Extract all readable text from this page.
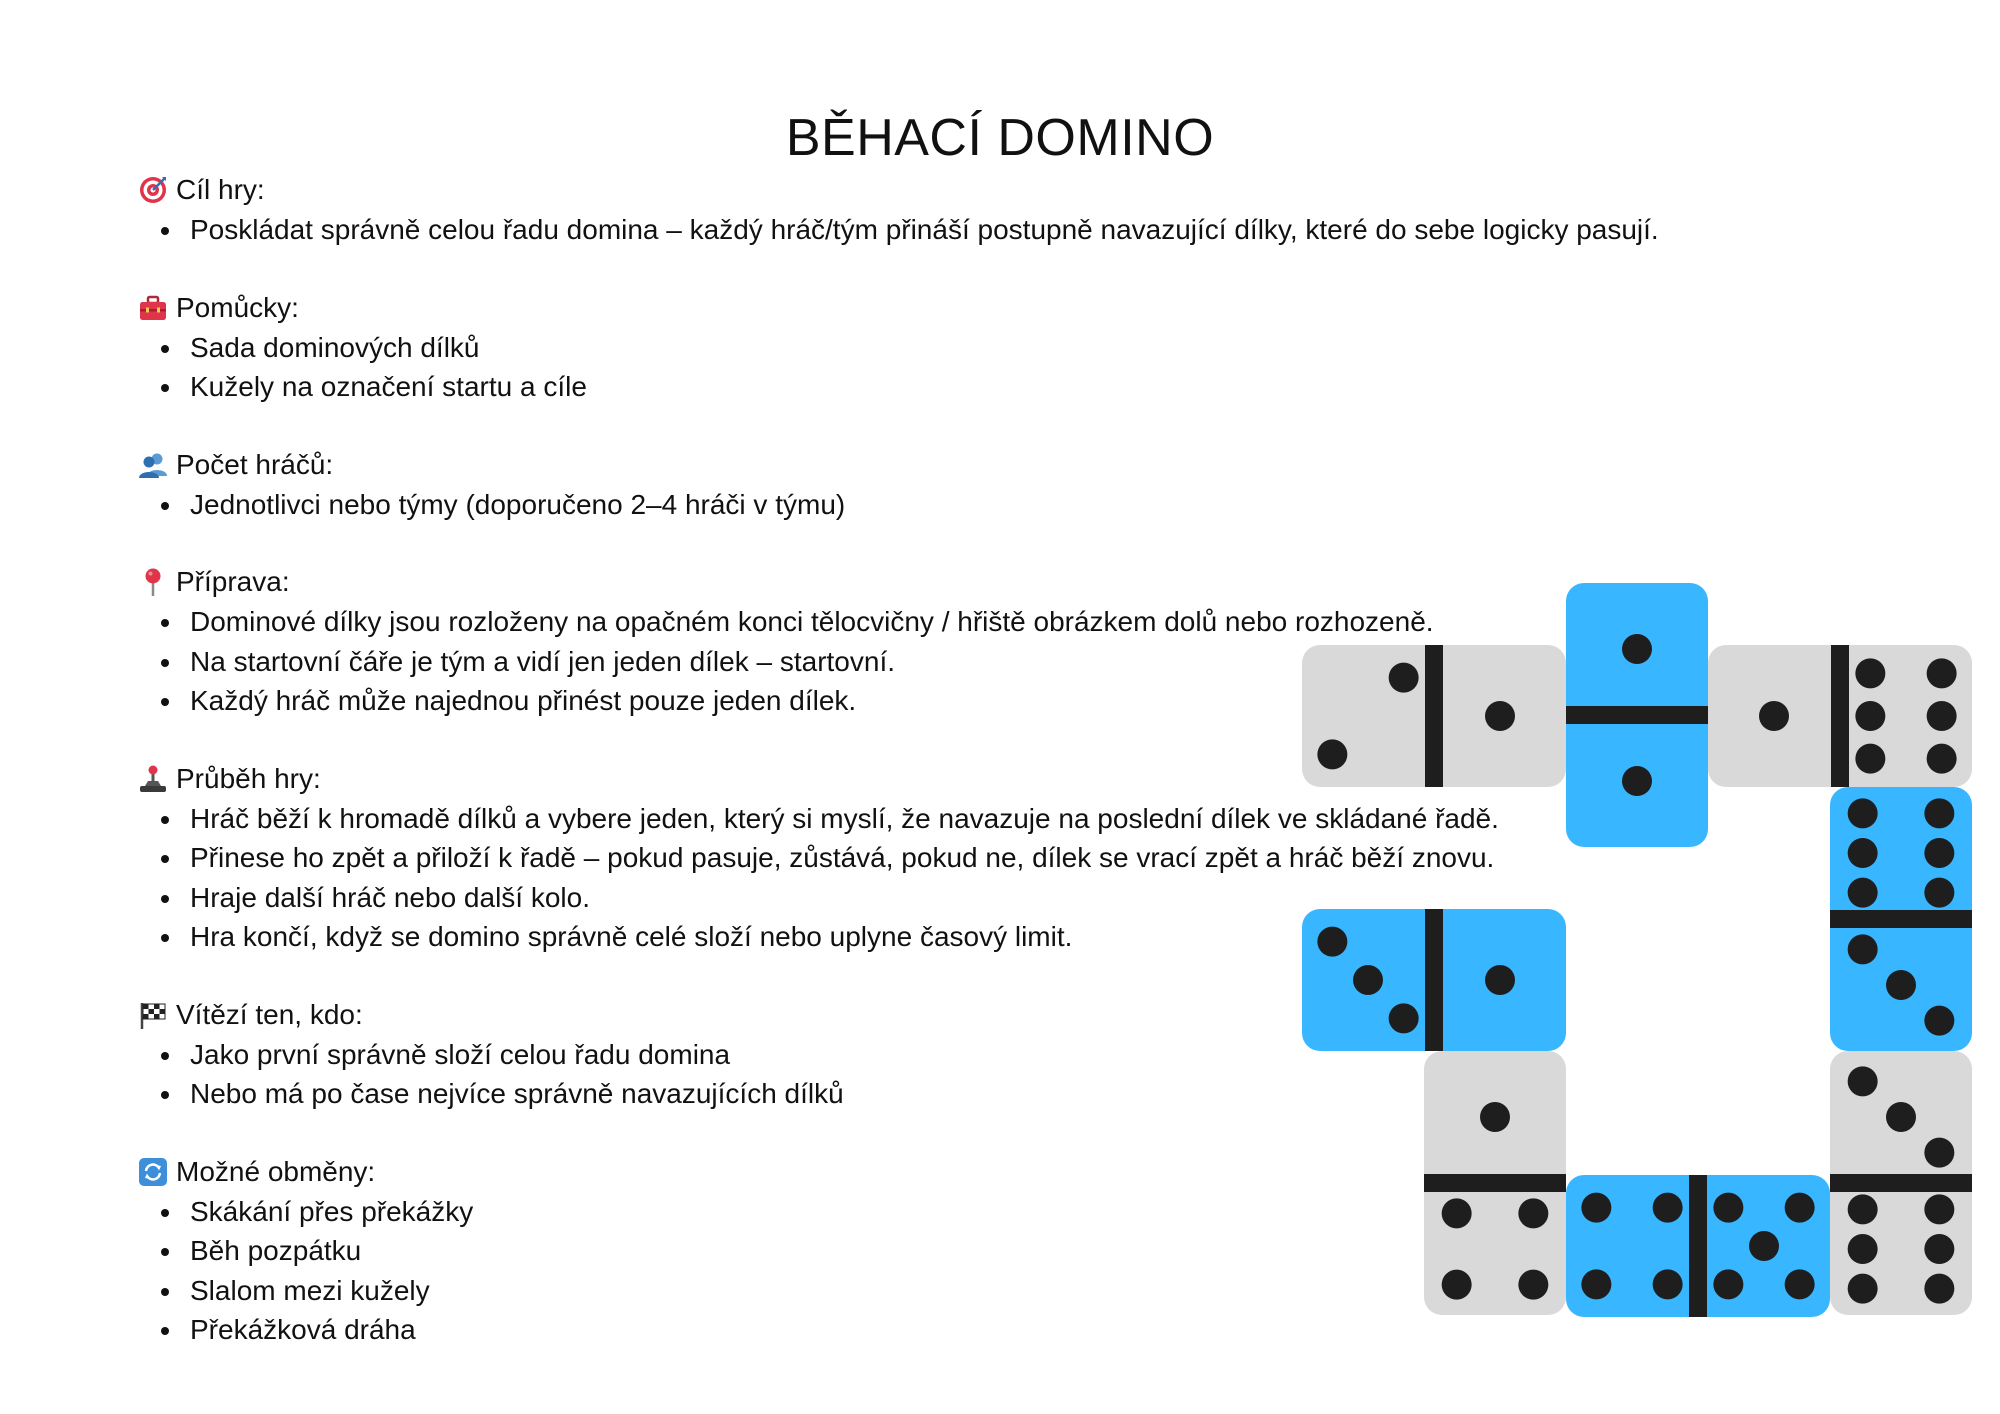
BĚHACÍ DOMINO
Cíl hry:
Poskládat správně celou řadu domina – každý hráč/tým přináší postupně navazující dílky, které do sebe logicky pasují.
Pomůcky:
Sada dominových dílků
Kužely na označení startu a cíle
Počet hráčů:
Jednotlivci nebo týmy (doporučeno 2–4 hráči v týmu)
Příprava:
Dominové dílky jsou rozloženy na opačném konci tělocvičny / hřiště obrázkem dolů nebo rozhozeně.
Na startovní čáře je tým a vidí jen jeden dílek – startovní.
Každý hráč může najednou přinést pouze jeden dílek.
Průběh hry:
Hráč běží k hromadě dílků a vybere jeden, který si myslí, že navazuje na poslední dílek ve skládané řadě.
Přinese ho zpět a přiloží k řadě – pokud pasuje, zůstává, pokud ne, dílek se vrací zpět a hráč běží znovu.
Hraje další hráč nebo další kolo.
Hra končí, když se domino správně celé složí nebo uplyne časový limit.
Vítězí ten, kdo:
Jako první správně složí celou řadu domina
Nebo má po čase nejvíce správně navazujících dílků
Možné obměny:
Skákání přes překážky
Běh pozpátku
Slalom mezi kužely
Překážková dráha
